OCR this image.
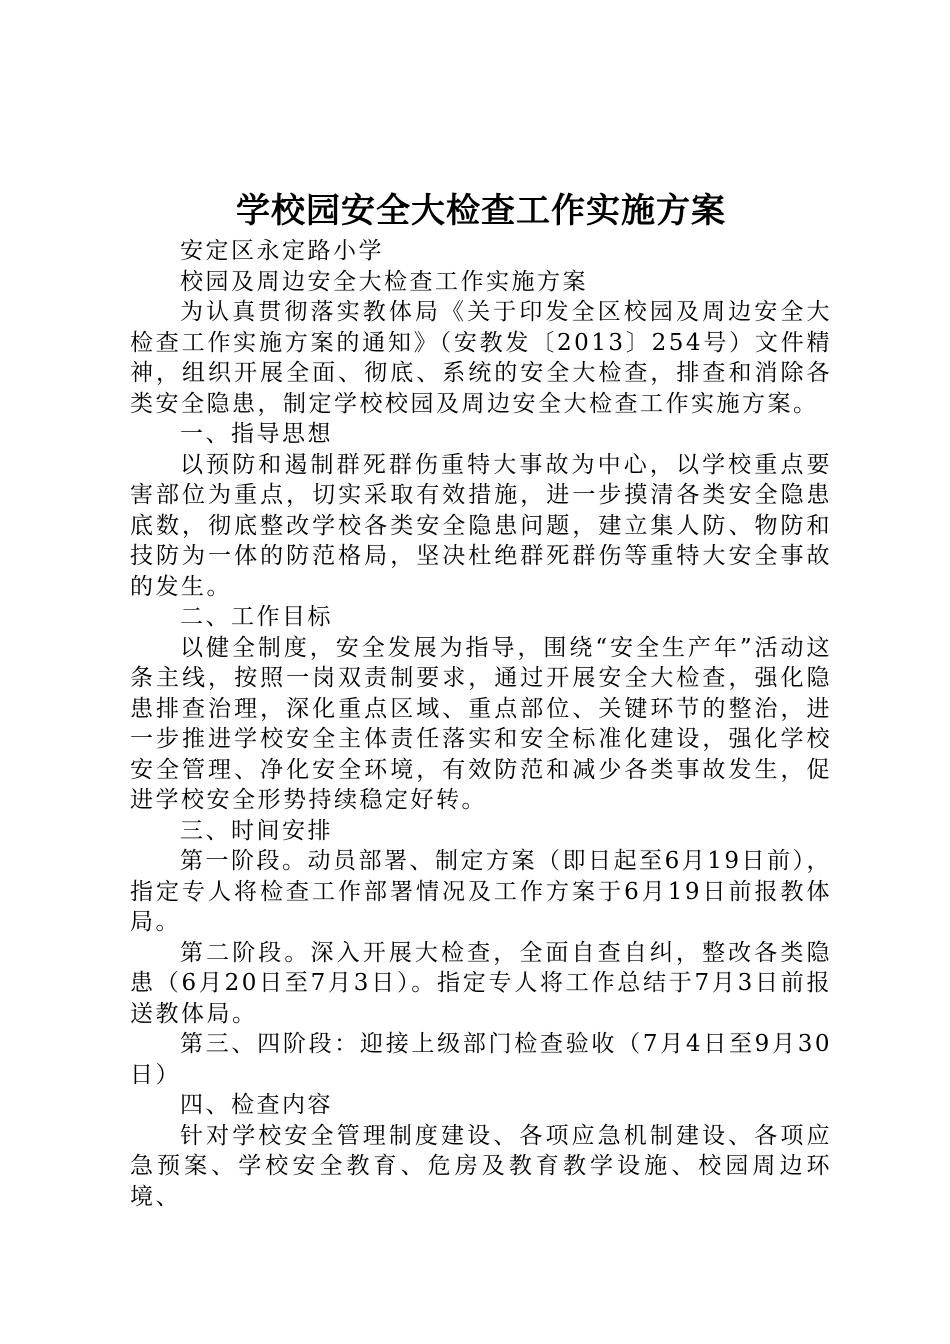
学校园安全大检查工作实施方案

安定区永定路小学

校园及周边安全大检查工作实施方案

为认真贯彻落实教体局《关于印发全区校园及周边安全大检查工作实施方案的通知》（安教发〔2013〕254号）文件精神，组织开展全面、彻底、系统的安全大检查，排查和消除各类安全隐患，制定学校校园及周边安全大检查工作实施方案。

一、指导思想

以预防和遏制群死群伤重特大事故为中心，以学校重点要害部位为重点，切实采取有效措施，进一步摸清各类安全隐患底数，彻底整改学校各类安全隐患问题，建立集人防、物防和技防为一体的防范格局，坚决杜绝群死群伤等重特大安全事故的发生。

二、工作目标

以健全制度，安全发展为指导，围绕“安全生产年”活动这条主线，按照一岗双责制要求，通过开展安全大检查，强化隐患排查治理，深化重点区域、重点部位、关键环节的整治，进一步推进学校安全主体责任落实和安全标准化建设，强化学校安全管理、净化安全环境，有效防范和减少各类事故发生，促进学校安全形势持续稳定好转。

三、时间安排

第一阶段。动员部署、制定方案（即日起至6月19日前），指定专人将检查工作部署情况及工作方案于6月19日前报教体局。

第二阶段。深入开展大检查，全面自查自纠，整改各类隐患（6月20日至7月3日）。指定专人将工作总结于7月3日前报送教体局。

第三、四阶段：迎接上级部门检查验收（7月4日至9月30日）

四、检查内容

针对学校安全管理制度建设、各项应急机制建设、各项应急预案、学校安全教育、危房及教育教学设施、校园周边环境、
